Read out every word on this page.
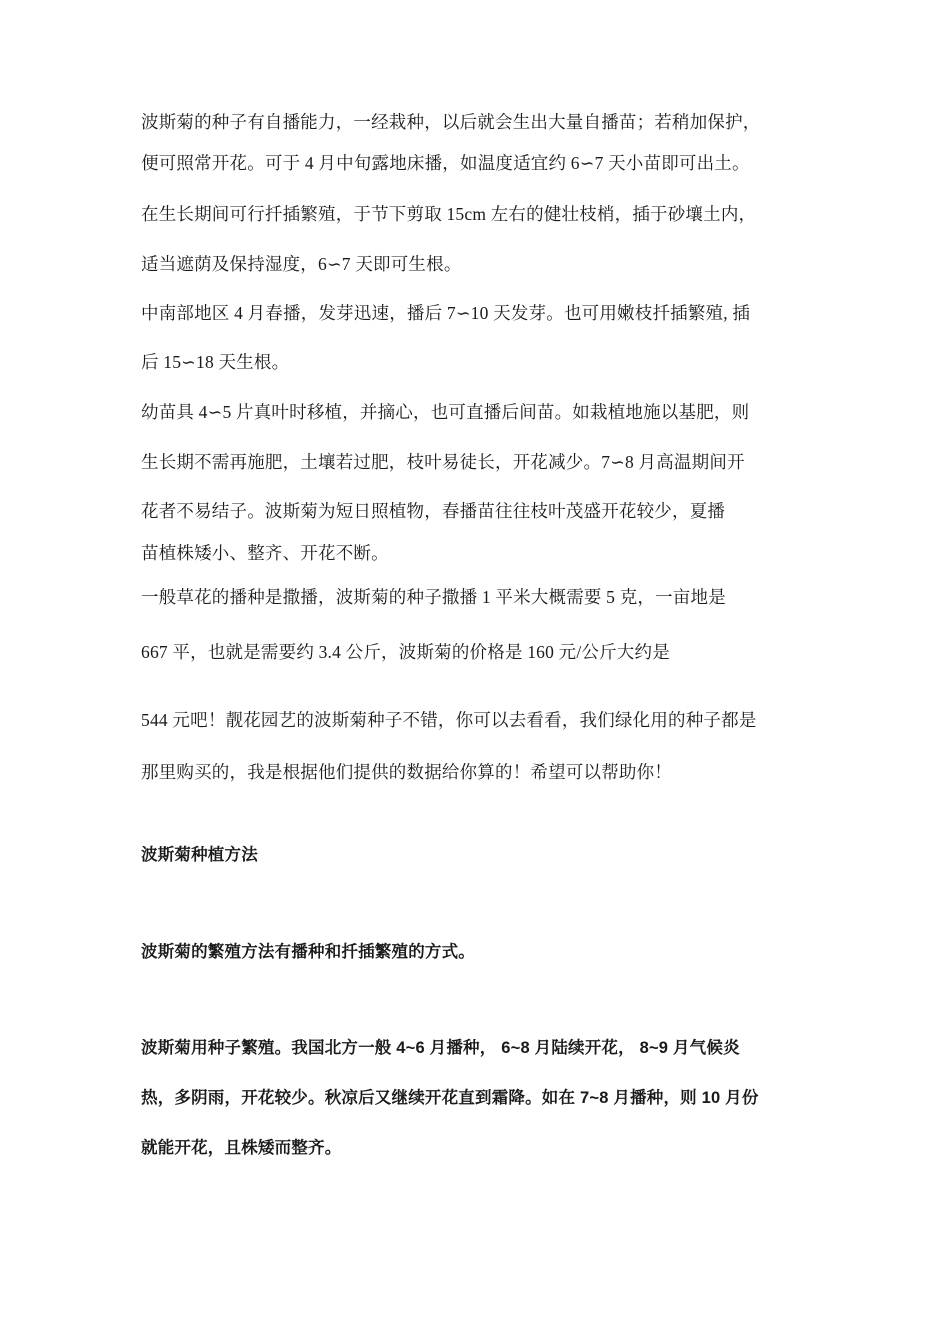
波斯菊的种子有自播能力，一经栽种，以后就会生出大量自播苗；若稍加保护，
便可照常开花。可于 4 月中旬露地床播，如温度适宜约 6∽7 天小苗即可出土。
在生长期间可行扦插繁殖，于节下剪取 15cm 左右的健壮枝梢，插于砂壤土内，
适当遮荫及保持湿度，6∽7 天即可生根。
中南部地区 4 月春播，发芽迅速，播后 7∽10 天发芽。也可用嫩枝扦插繁殖, 插
后 15∽18 天生根。
幼苗具 4∽5 片真叶时移植，并摘心，也可直播后间苗。如栽植地施以基肥，则
生长期不需再施肥，土壤若过肥，枝叶易徒长，开花减少。7∽8 月高温期间开
花者不易结子。波斯菊为短日照植物，春播苗往往枝叶茂盛开花较少，夏播
苗植株矮小、整齐、开花不断。
一般草花的播种是撒播，波斯菊的种子撒播 1 平米大概需要 5 克，一亩地是
667 平，也就是需要约 3.4 公斤，波斯菊的价格是 160 元/公斤大约是
544 元吧！靓花园艺的波斯菊种子不错，你可以去看看，我们绿化用的种子都是
那里购买的，我是根据他们提供的数据给你算的！希望可以帮助你！
波斯菊种植方法
波斯菊的繁殖方法有播种和扦插繁殖的方式。
波斯菊用种子繁殖。我国北方一般 4~6 月播种， 6~8 月陆续开花， 8~9 月气候炎
热，多阴雨，开花较少。秋凉后又继续开花直到霜降。如在 7~8 月播种，则 10 月份
就能开花，且株矮而整齐。
